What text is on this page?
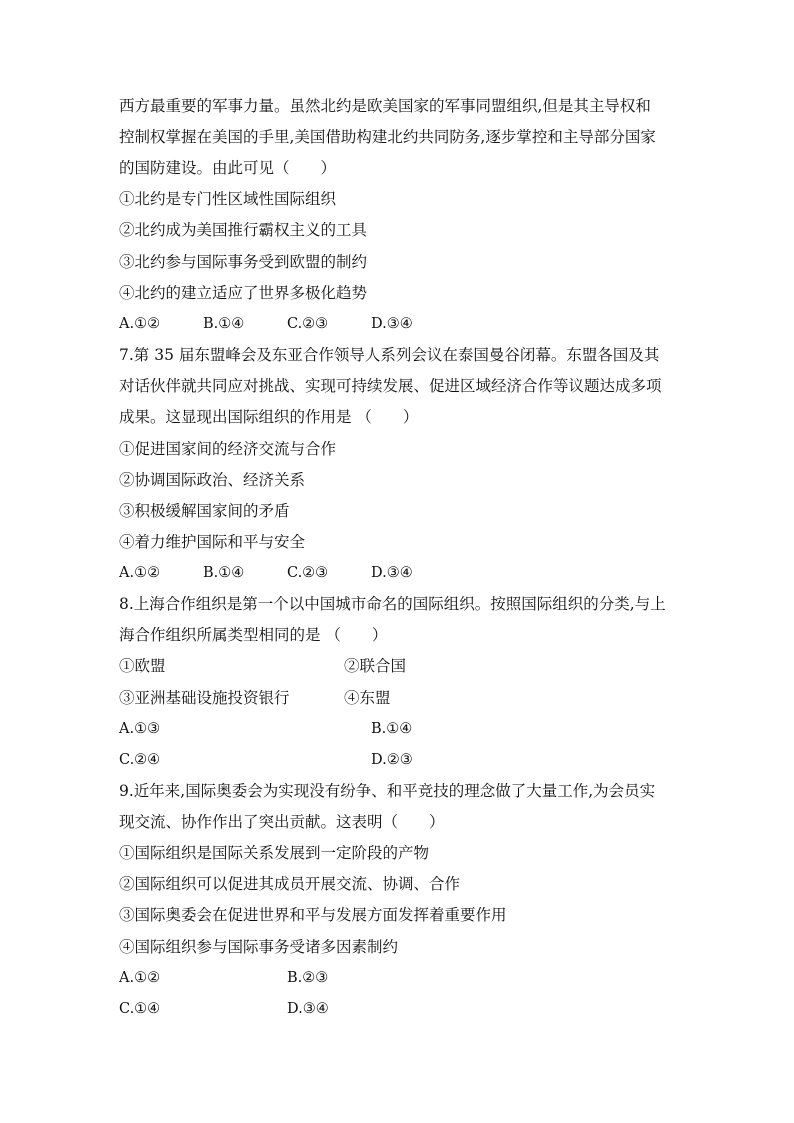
西方最重要的军事力量。虽然北约是欧美国家的军事同盟组织,但是其主导权和
控制权掌握在美国的手里,美国借助构建北约共同防务,逐步掌控和主导部分国家
的国防建设。由此可见（　　）
①北约是专门性区域性国际组织
②北约成为美国推行霸权主义的工具
③北约参与国际事务受到欧盟的制约
④北约的建立适应了世界多极化趋势
A.①②	B.①④	C.②③	D.③④
7.第 35 届东盟峰会及东亚合作领导人系列会议在泰国曼谷闭幕。东盟各国及其
对话伙伴就共同应对挑战、实现可持续发展、促进区域经济合作等议题达成多项
成果。这显现出国际组织的作用是 （　　）
①促进国家间的经济交流与合作
②协调国际政治、经济关系
③积极缓解国家间的矛盾
④着力维护国际和平与安全
A.①②	B.①④	C.②③	D.③④
8.上海合作组织是第一个以中国城市命名的国际组织。按照国际组织的分类,与上
海合作组织所属类型相同的是 （　　）
①欧盟	②联合国
③亚洲基础设施投资银行	④东盟
A.①③	B.①④
C.②④	D.②③
9.近年来,国际奥委会为实现没有纷争、和平竞技的理念做了大量工作,为会员实
现交流、协作作出了突出贡献。这表明（　　）
①国际组织是国际关系发展到一定阶段的产物
②国际组织可以促进其成员开展交流、协调、合作
③国际奥委会在促进世界和平与发展方面发挥着重要作用
④国际组织参与国际事务受诸多因素制约
A.①②	B.②③
C.①④	D.③④
